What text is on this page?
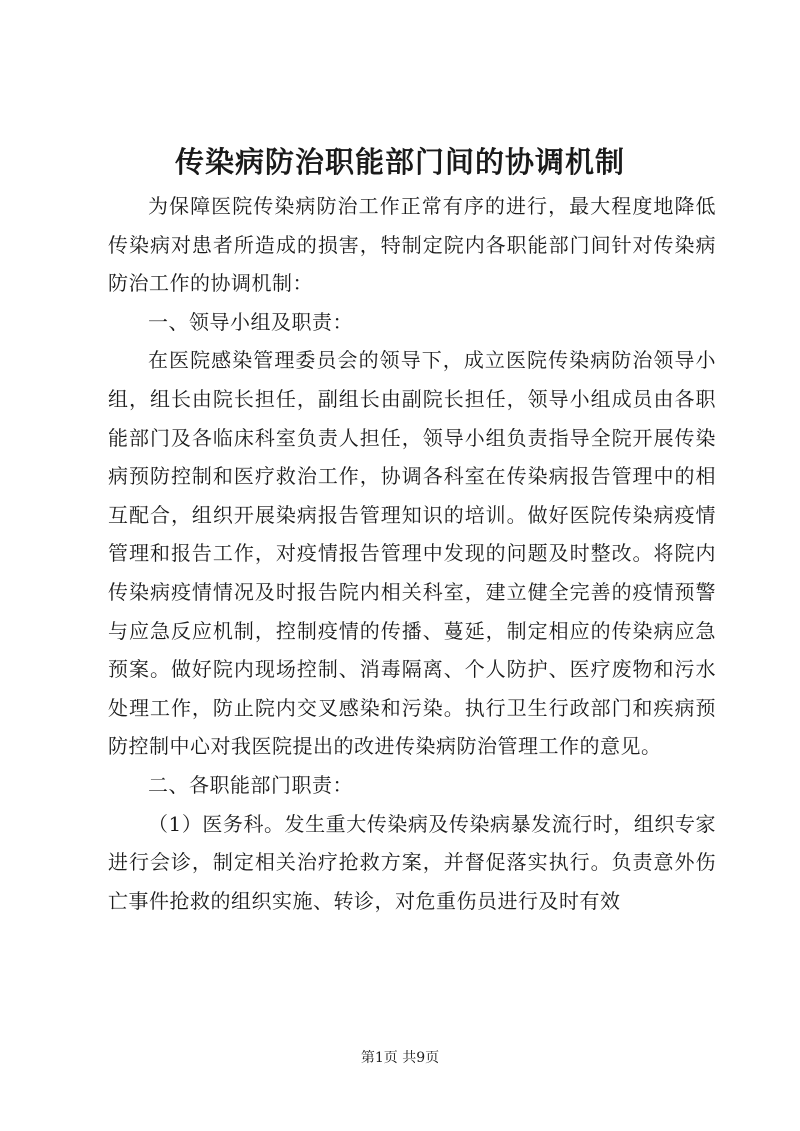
传染病防治职能部门间的协调机制

为保障医院传染病防治工作正常有序的进行，最大程度地降低传染病对患者所造成的损害，特制定院内各职能部门间针对传染病防治工作的协调机制：

一、领导小组及职责：

在医院感染管理委员会的领导下，成立医院传染病防治领导小组，组长由院长担任，副组长由副院长担任，领导小组成员由各职能部门及各临床科室负责人担任，领导小组负责指导全院开展传染病预防控制和医疗救治工作，协调各科室在传染病报告管理中的相互配合，组织开展染病报告管理知识的培训。做好医院传染病疫情管理和报告工作，对疫情报告管理中发现的问题及时整改。将院内传染病疫情情况及时报告院内相关科室，建立健全完善的疫情预警与应急反应机制，控制疫情的传播、蔓延，制定相应的传染病应急预案。做好院内现场控制、消毒隔离、个人防护、医疗废物和污水处理工作，防止院内交叉感染和污染。执行卫生行政部门和疾病预防控制中心对我医院提出的改进传染病防治管理工作的意见。

二、各职能部门职责：

（1）医务科。发生重大传染病及传染病暴发流行时，组织专家进行会诊，制定相关治疗抢救方案，并督促落实执行。负责意外伤亡事件抢救的组织实施、转诊，对危重伤员进行及时有效

第1页 共9页
